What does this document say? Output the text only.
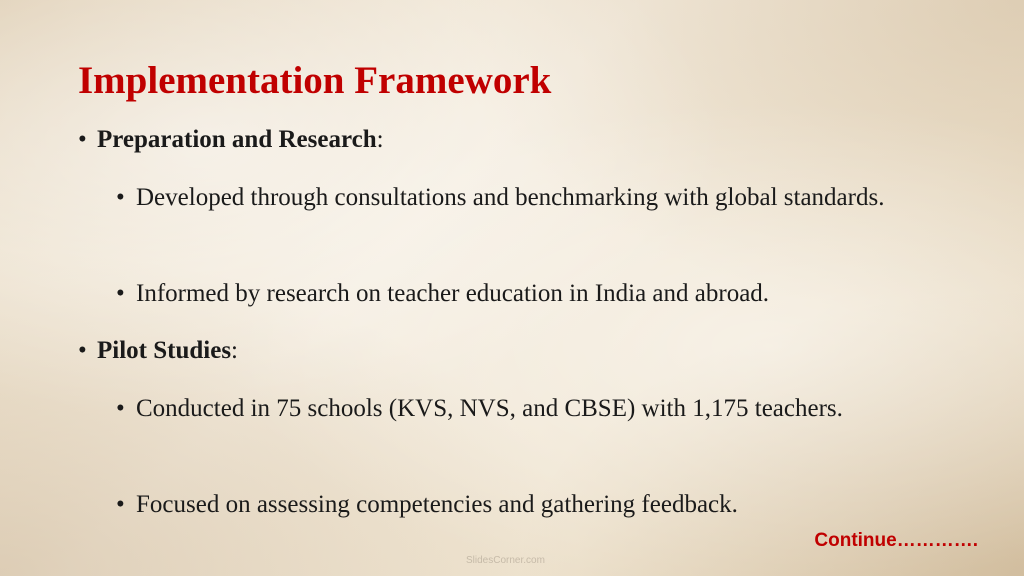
Implementation Framework
• Preparation and Research:
• Developed through consultations and benchmarking with global standards.
• Informed by research on teacher education in India and abroad.
• Pilot Studies:
• Conducted in 75 schools (KVS, NVS, and CBSE) with 1,175 teachers.
• Focused on assessing competencies and gathering feedback.
Continue………….
SlidesCorner.com
